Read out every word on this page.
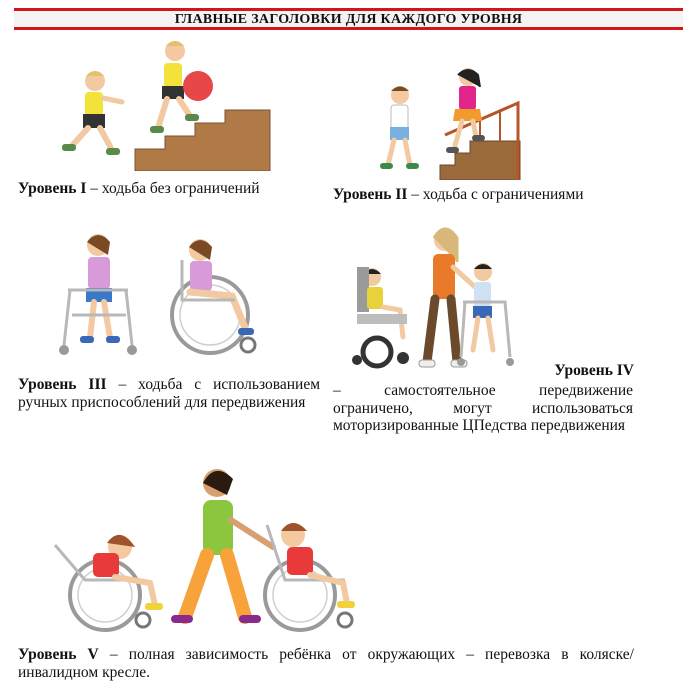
ГЛАВНЫЕ ЗАГОЛОВКИ ДЛЯ КАЖДОГО УРОВНЯ
Уровень I – ходьба без ограничений	Уровень II – ходьба с ограничениями
Уровень III – ходьба с использованием ручных приспособлений для передвижения
Уровень IV
– самостоятельное передвижение ограничено, могут использоваться моторизированные ЦПедства передвижения
Уровень V – полная зависимость ребёнка от окружающих – перевозка в коляске/инвалидном кресле.
